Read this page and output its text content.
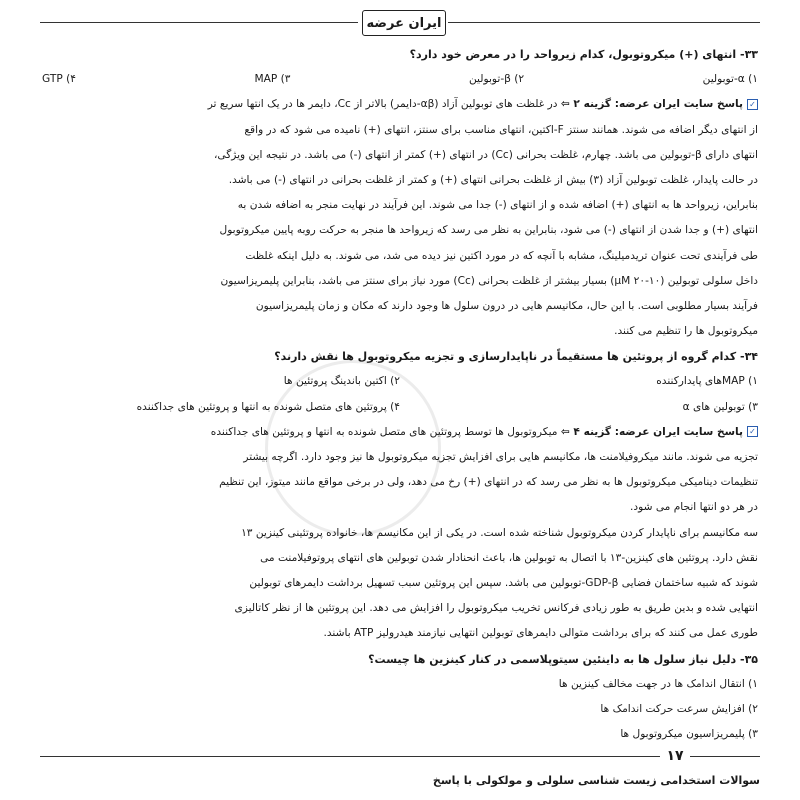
ایران عرضه
۳۳- انتهای (+) میکروتوبول، کدام زیرواحد را در معرض خود دارد؟
۱) α-توبولین
۲) β-توبولین
۳) MAP
۴) GTP
✓پاسخ سایت ایران عرضه: گزینه ۲ ⇦ در غلظت های توبولین آزاد (αβ-دایمر) بالاتر از Cc، دایمر ها در یک انتها سریع تر
از انتهای دیگر اضافه می شوند. همانند سنتز F-اکتین، انتهای مناسب برای سنتز، انتهای (+) نامیده می شود که در واقع
انتهای دارای β-توبولین می باشد. چهارم، غلظت بحرانی (Cc) در انتهای (+) کمتر از انتهای (-) می باشد. در نتیجه این ویژگی،
در حالت پایدار، غلظت توبولین آزاد (۳) بیش از غلظت بحرانی انتهای (+) و کمتر از غلظت بحرانی در انتهای (-) می باشد.
بنابراین، زیرواحد ها به انتهای (+) اضافه شده و از انتهای (-) جدا می شوند. این فرآیند در نهایت منجر به اضافه شدن به
انتهای (+) و جدا شدن از انتهای (-) می شود، بنابراین به نظر می رسد که زیرواحد ها منجر به حرکت روبه پایین میکروتوبول
طی فرآیندی تحت عنوان تریدمیلینگ، مشابه با آنچه که در مورد اکتین نیز دیده می شد، می شوند. به دلیل اینکه غلظت
داخل سلولی توبولین (۱۰-۲۰ μM) بسیار بیشتر از غلظت بحرانی (Cc) مورد نیاز برای سنتز می باشد، بنابراین پلیمریزاسیون
فرآیند بسیار مطلوبی است. با این حال، مکانیسم هایی در درون سلول ها وجود دارند که مکان و زمان پلیمریزاسیون
میکروتوبول ها را تنظیم می کنند.
۳۴- کدام گروه از پروتئین ها مستقیماً در ناپایدارسازی و تجزیه میکروتوبول ها نقش دارند؟
۱) MAPهای پایدارکننده
۲) اکتین باندینگ پروتئین ها
۳) توبولین های α
۴) پروتئین های متصل شونده به انتها و پروتئین های جداکننده
✓پاسخ سایت ایران عرضه: گزینه ۴ ⇦ میکروتوبول ها توسط پروتئین های متصل شونده به انتها و پروتئین های جداکننده
تجزیه می شوند. مانند میکروفیلامنت ها، مکانیسم هایی برای افزایش تجزیه میکروتوبول ها نیز وجود دارد. اگرچه بیشتر
تنظیمات دینامیکی میکروتوبول ها به نظر می رسد که در انتهای (+) رخ می دهد، ولی در برخی مواقع مانند میتوز، این تنظیم
در هر دو انتها انجام می شود.
سه مکانیسم برای ناپایدار کردن میکروتوبول شناخته شده است. در یکی از این مکانیسم ها، خانواده پروتئینی کینزین ۱۳
نقش دارد. پروتئین های کینزین-۱۳ با اتصال به توبولین ها، باعث انحنادار شدن توبولین های انتهای پروتوفیلامنت می
شوند که شبیه ساختمان فضایی GDP-β-توبولین می باشد. سپس این پروتئین سبب تسهیل برداشت دایمرهای توبولین
انتهایی شده و بدین طریق به طور زیادی فرکانس تخریب میکروتوبول را افزایش می دهد. این پروتئین ها از نظر کاتالیزی
طوری عمل می کنند که برای برداشت متوالی دایمرهای توبولین انتهایی نیازمند هیدرولیز ATP باشند.
۳۵- دلیل نیاز سلول ها به داینئین سیتوپلاسمی در کنار کینزین ها چیست؟
۱) انتقال اندامک ها در جهت مخالف کینزین ها
۲) افزایش سرعت حرکت اندامک ها
۳) پلیمریزاسیون میکروتوبول ها
۱۷
سوالات استخدامی زیست شناسی سلولی و مولکولی با پاسخ
